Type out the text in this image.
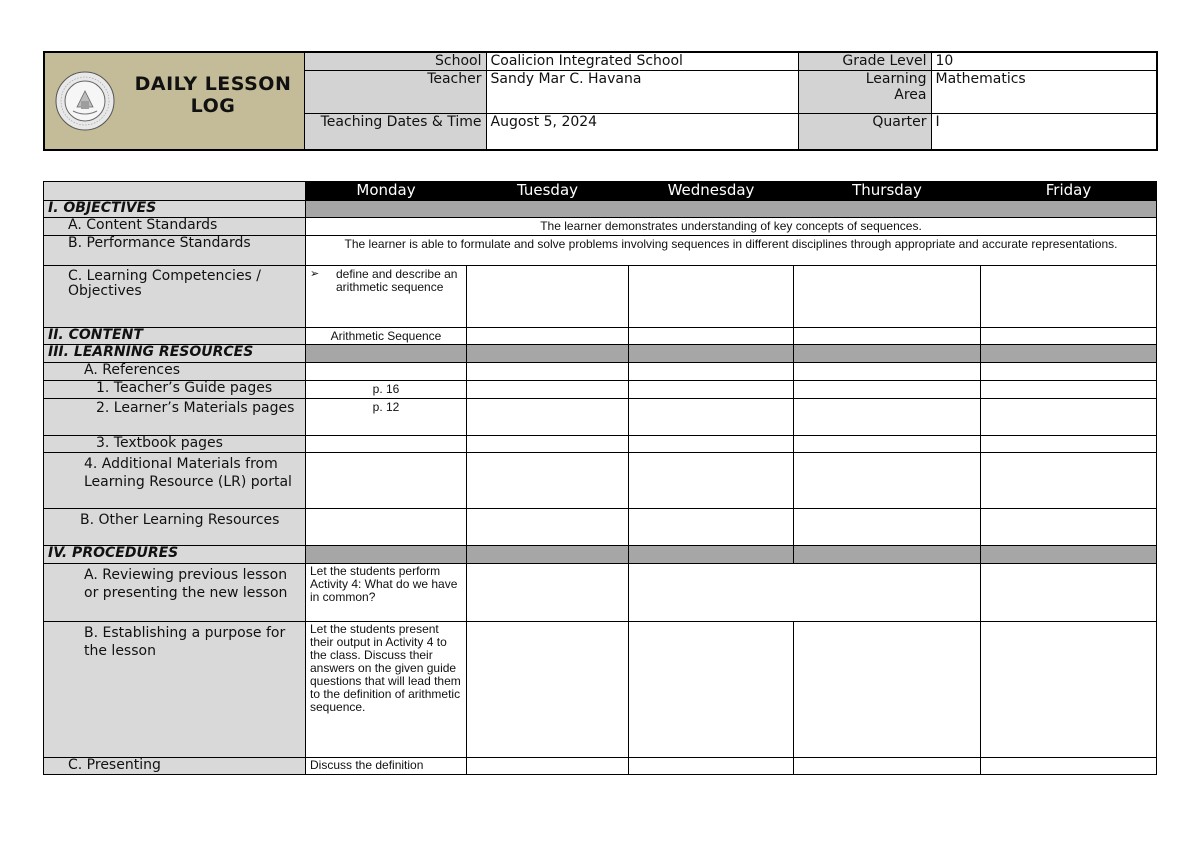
DAILY LESSON LOG	School	Coalicion Integrated School	Grade Level	10
	Teacher	Sandy Mar C. Havana	Learning Area	Mathematics
	Teaching Dates & Time	Augost 5, 2024	Quarter	I
	Monday	Tuesday	Wednesday	Thursday	Friday
I. OBJECTIVES					
A. Content Standards	The learner demonstrates understanding of key concepts of sequences.				
B. Performance Standards	The learner is able to formulate and solve problems involving sequences in different disciplines through appropriate and accurate representations.				
C. Learning Competencies / Objectives	➢ define and describe an arithmetic sequence				

II. CONTENT	Arithmetic Sequence				
III. LEARNING RESOURCES					
A. References					
1. Teacher’s Guide pages	p. 16				
2. Learner’s Materials pages	p. 12				
3. Textbook pages					
4. Additional Materials from Learning Resource (LR) portal					
B. Other Learning Resources					
IV. PROCEDURES					
A. Reviewing previous lesson or presenting the new lesson	Let the students perform Activity 4: What do we have in common?				
B. Establishing a purpose for the lesson	Let the students present their output in Activity 4 to the class. Discuss their answers on the given guide questions that will lead them to the definition of arithmetic sequence.				
C. Presenting	Discuss the definition				
